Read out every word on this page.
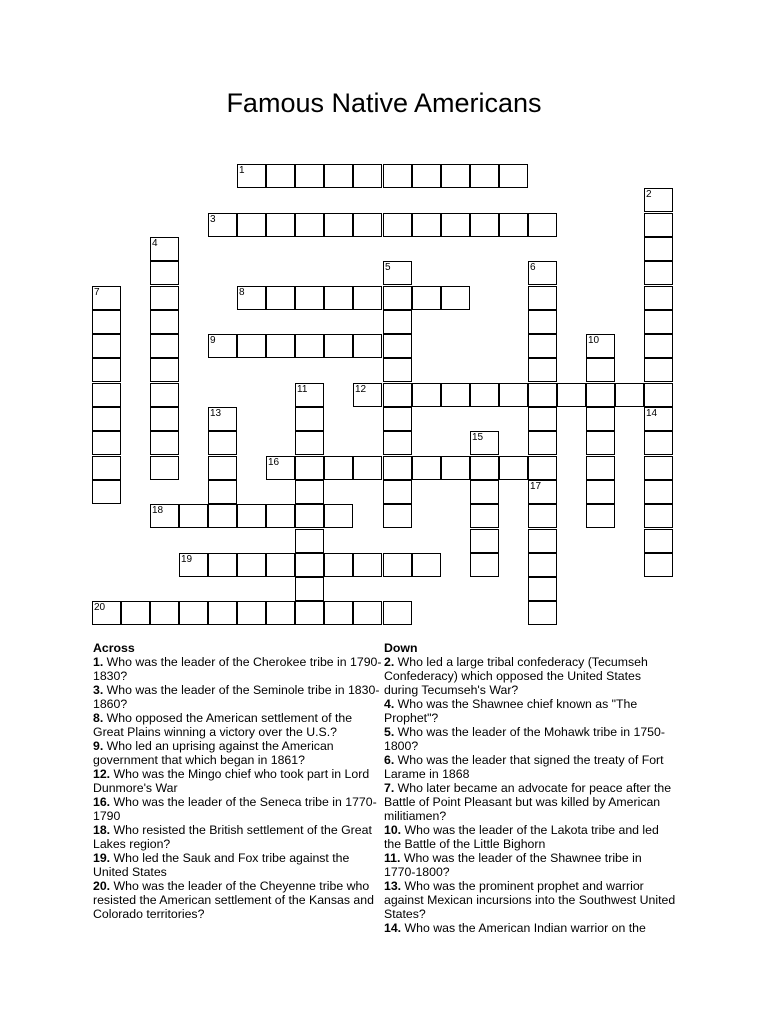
Famous Native Americans
1
3
8
9
12
16
18
19
20
2
4
5	6
7
10
11
13	14
15
17
Across
1. Who was the leader of the Cherokee tribe in 1790-1830?
3. Who was the leader of the Seminole tribe in 1830-1860?
8. Who opposed the American settlement of the Great Plains winning a victory over the U.S.?
9. Who led an uprising against the American government that which began in 1861?
12. Who was the Mingo chief who took part in Lord Dunmore's War
16. Who was the leader of the Seneca tribe in 1770-1790
18. Who resisted the British settlement of the Great Lakes region?
19. Who led the Sauk and Fox tribe against the United States
20. Who was the leader of the Cheyenne tribe who resisted the American settlement of the Kansas and Colorado territories?
Down
2. Who led a large tribal confederacy (Tecumseh Confederacy) which opposed the United States during Tecumseh's War?
4. Who was the Shawnee chief known as "The Prophet"?
5. Who was the leader of the Mohawk tribe in 1750-1800?
6. Who was the leader that signed the treaty of Fort Larame in 1868
7. Who later became an advocate for peace after the Battle of Point Pleasant but was killed by American militiamen?
10. Who was the leader of the Lakota tribe and led the Battle of the Little Bighorn
11. Who was the leader of the Shawnee tribe in 1770-1800?
13. Who was the prominent prophet and warrior against Mexican incursions into the Southwest United States?
14. Who was the American Indian warrior on the
